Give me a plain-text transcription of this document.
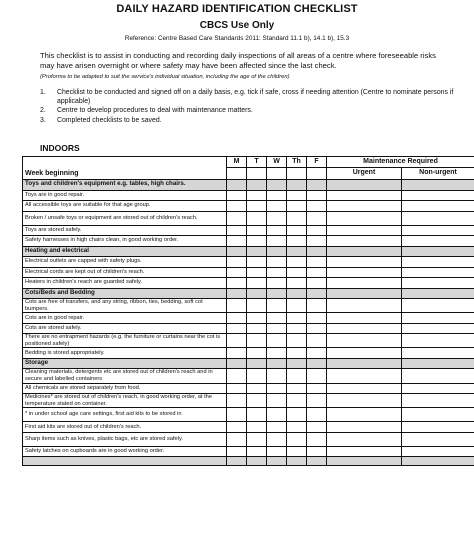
DAILY HAZARD IDENTIFICATION CHECKLIST
CBCS Use Only
Reference: Centre Based Care Standards 2011: Standard 11.1 b), 14.1 b), 15.3
This checklist is to assist in conducting and recording daily inspections of all areas of a centre where foreseeable risks may have arisen overnight or where safety may have been affected since the last check.
(Proforma to be adapted to suit the service's individual situation, including the age of the children)
1. Checklist to be conducted and signed off on a daily basis, e.g. tick if safe, cross if needing attention (Centre to nominate persons if applicable)
2. Centre to develop procedures to deal with maintenance matters.
3. Completed checklists to be saved.
INDOORS
Week beginning	M	T	W	Th	F	Maintenance Required	
						Urgent	Non-urgent
Toys and children's equipment e.g. tables, high chairs.							
Toys are in good repair.							
All accessible toys are suitable for that age group.							
Broken / unsafe toys or equipment are stored out of children's reach.							
Toys are stored safely.							
Safety harnesses in high chairs clean, in good working order.							
Heating and electrical							
Electrical outlets are capped with safety plugs.							
Electrical cords are kept out of children's reach.							
Heaters in children's reach are guarded safely.							
Cots/Beds and Bedding							
Cots are free of transfers, and any string, ribbon, ties, bedding, soft cot bumpers.							
Cots are in good repair.							
Cots are stored safely.							
There are no entrapment hazards (e.g. the furniture or curtains near the cot is positioned safely)							
Bedding is stored appropriately.							
Storage							
Cleaning materials, detergents etc are stored out of children's reach and in secure and labelled containers							
All chemicals are stored separately from food.							
Medicines* are stored out of children's reach, in good working order, at the temperature stated on container.							
* in under school age care settings, first aid kits to be stored in							
First aid kits are stored out of children's reach.							
Sharp items such as knives, plastic bags, etc are stored safely.							
Safety latches on cupboards are in good working order.							
